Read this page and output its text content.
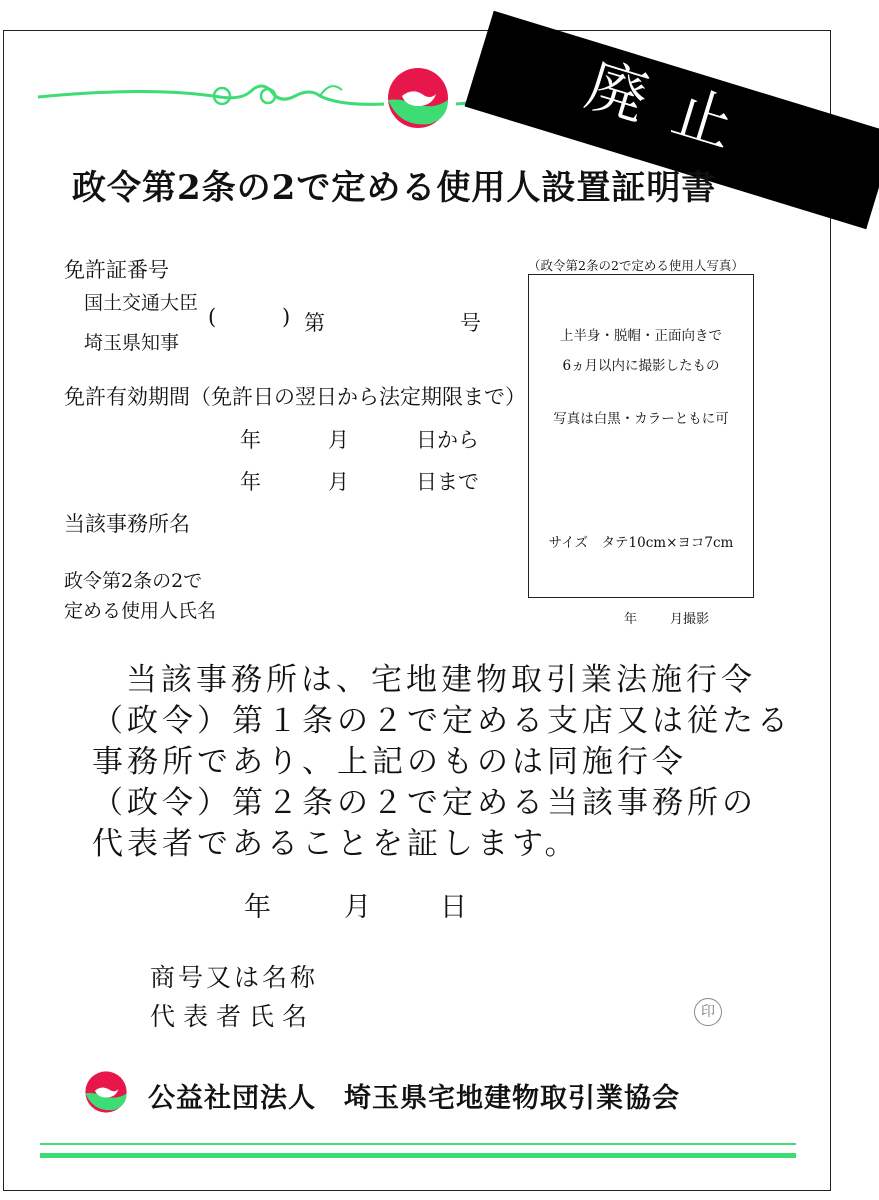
廃止
政令第2条の2で定める使用人設置証明書
免許証番号
国土交通大臣
埼玉県知事
(	) 第	号
免許有効期間（免許日の翌日から法定期限まで）
年	月	日から
年	月	日まで
当該事務所名
政令第2条の2で
定める使用人氏名
（政令第2条の2で定める使用人写真）
上半身・脱帽・正面向きで
6ヵ月以内に撮影したもの
写真は白黒・カラーともに可
サイズ　タテ10cm×ヨコ7cm
年	月撮影
当該事務所は、宅地建物取引業法施行令
（政令）第１条の２で定める支店又は従たる
事務所であり、上記のものは同施行令
（政令）第２条の２で定める当該事務所の
代表者であることを証します。
年	月	日
商号又は名称
代表者氏名	印
公益社団法人　埼玉県宅地建物取引業協会
